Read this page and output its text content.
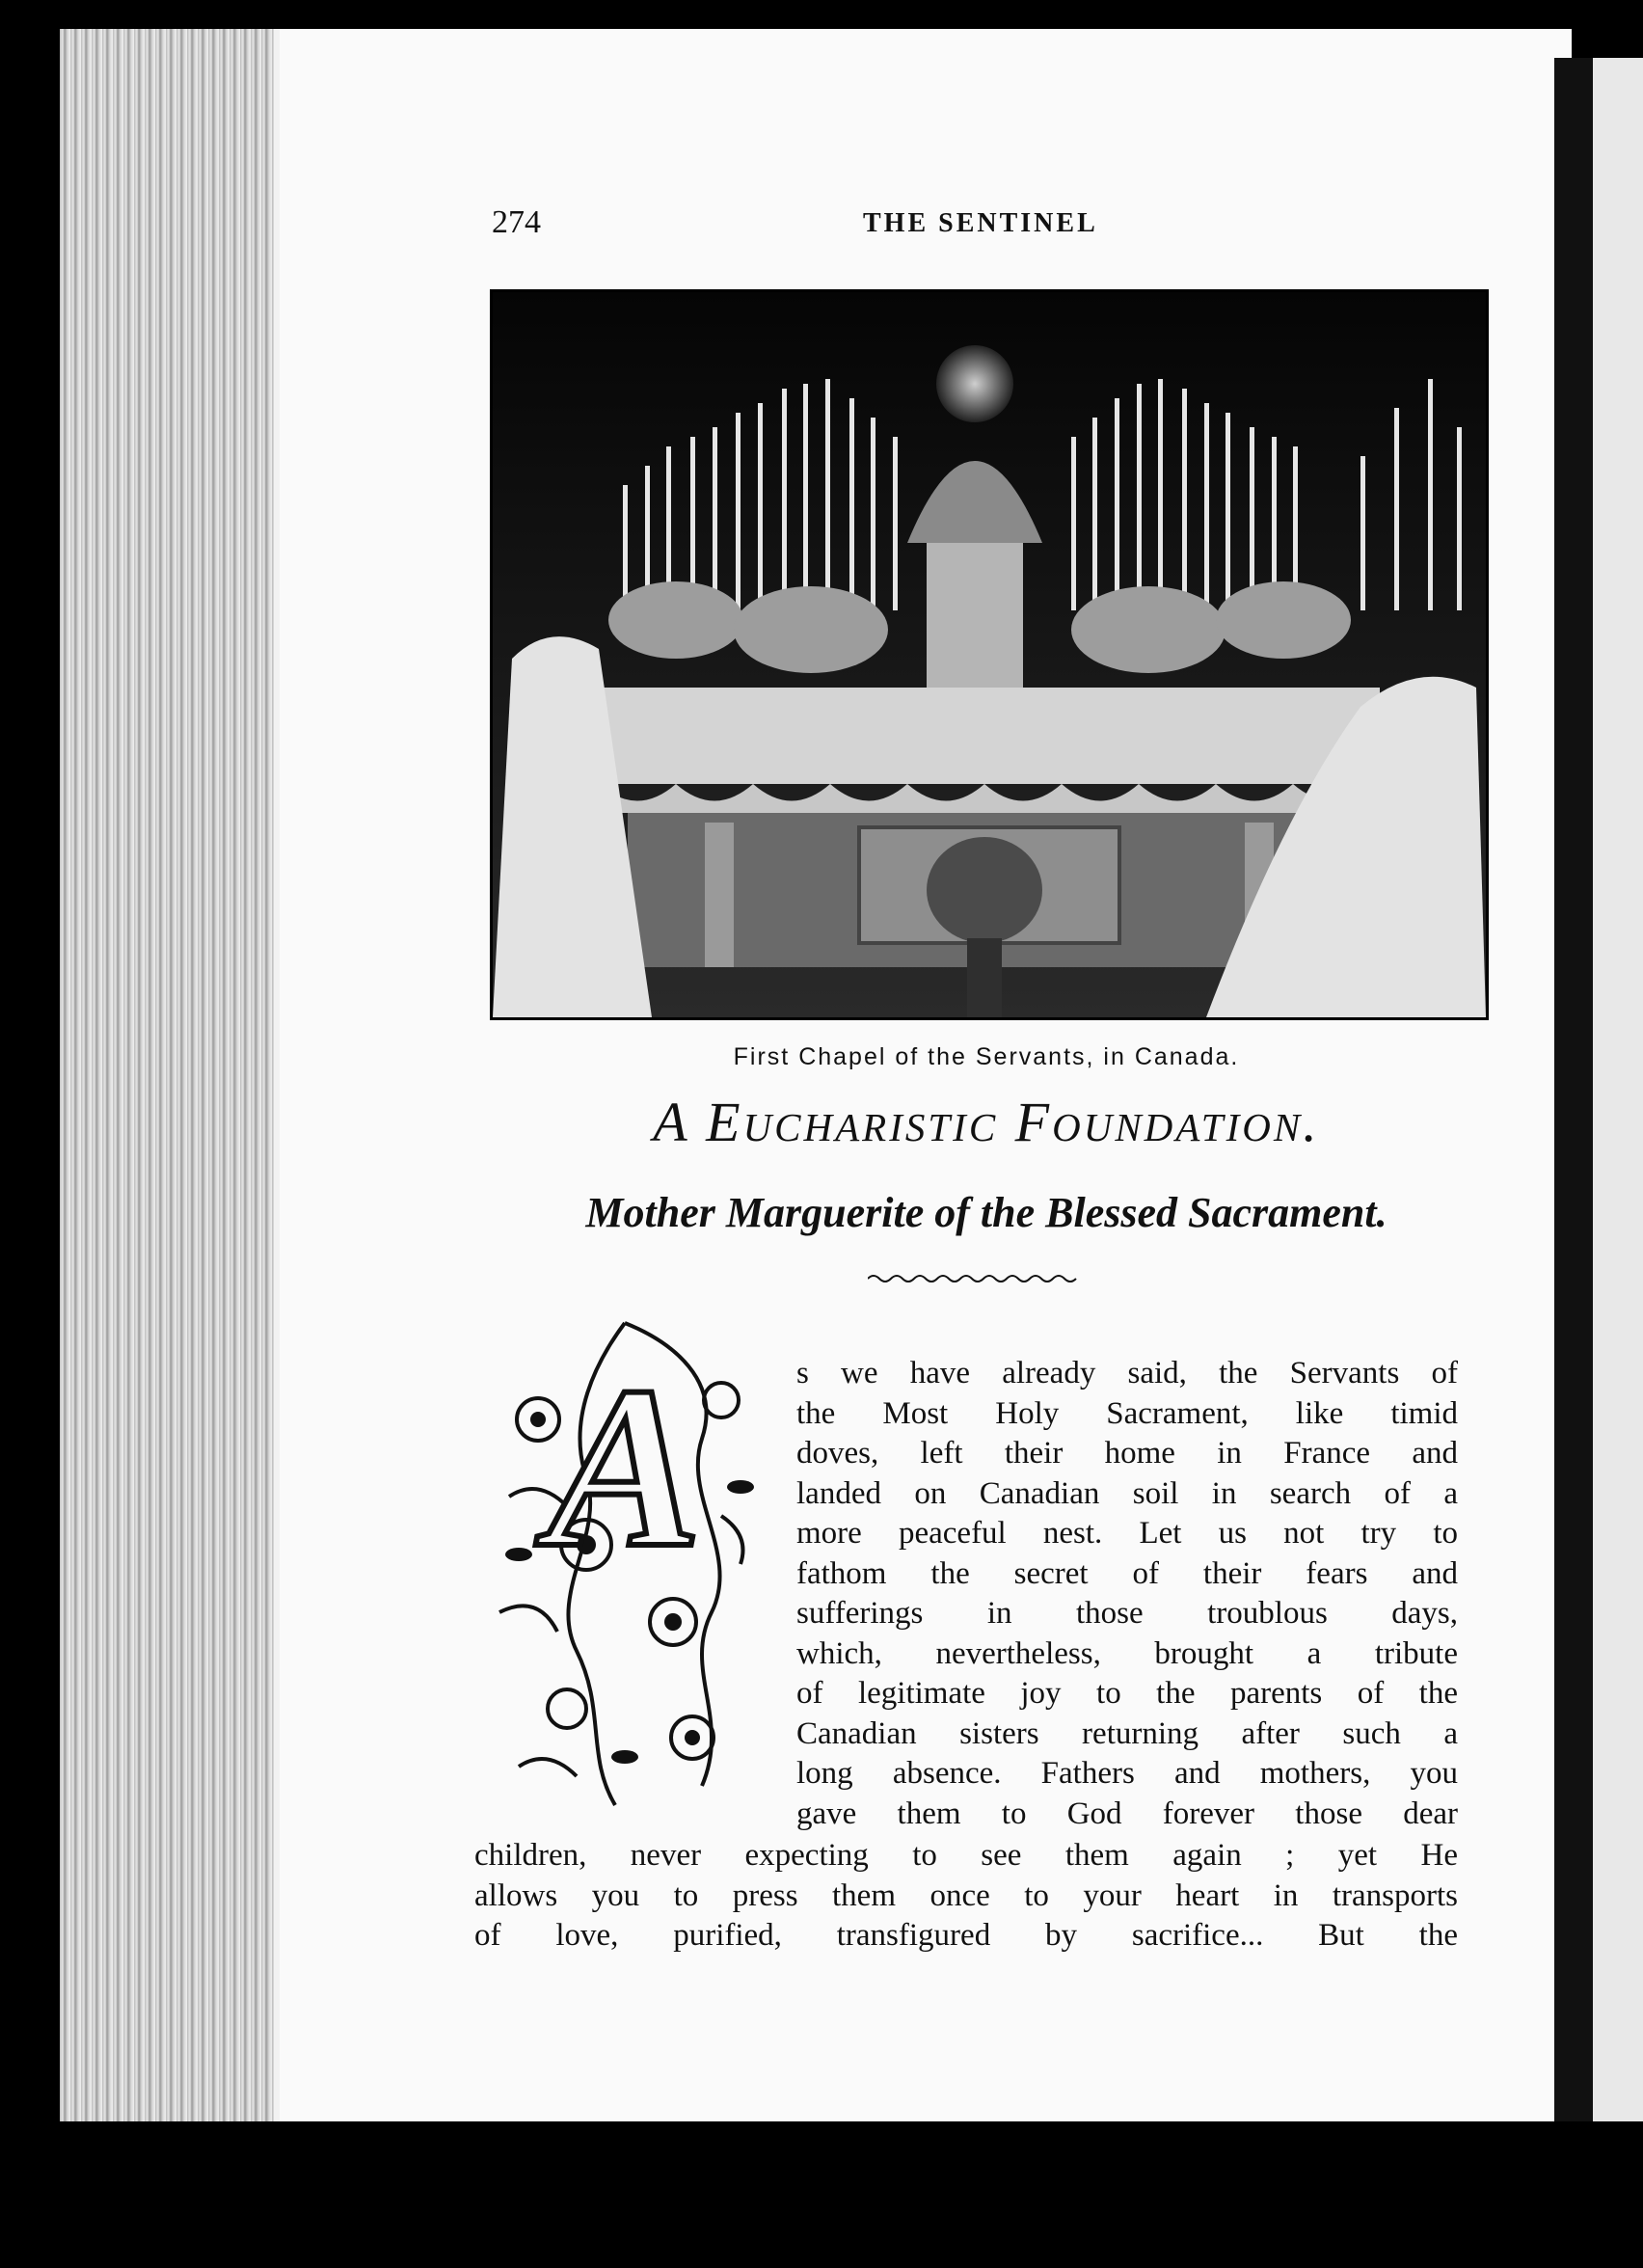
274	THE SENTINEL
First Chapel of the Servants, in Canada.
A Eucharistic Foundation.
Mother Marguerite of the Blessed Sacrament.
A	s we have already said, the Servants of
the Most Holy Sacrament, like timid
doves, left their home in France and
landed on Canadian soil in search of a
more peaceful nest. Let us not try to
fathom the secret of their fears and
sufferings in those troublous days,
which, nevertheless, brought a tribute
of legitimate joy to the parents of the
Canadian sisters returning after such a
long absence. Fathers and mothers, you
gave them to God forever those dear
children, never expecting to see them again ; yet He
allows you to press them once to your heart in transports
of love, purified, transfigured by sacrifice... But the
